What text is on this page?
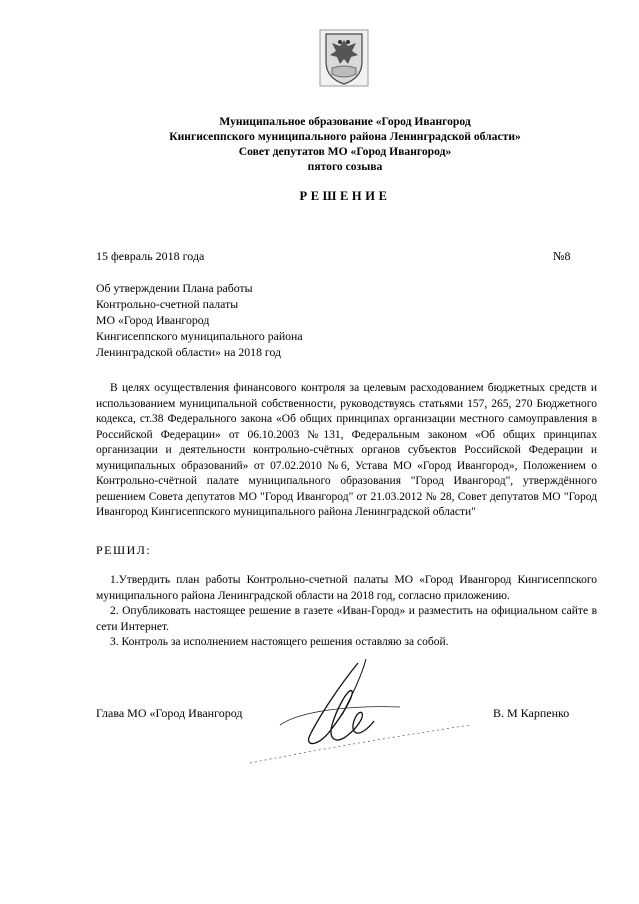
Муниципальное образование «Город Ивангород
Кингисеппского муниципального района Ленинградской области»
Совет депутатов МО «Город Ивангород»
пятого созыва
РЕШЕНИЕ
15 февраль 2018 года	№8
Об утверждении Плана работы
Контрольно-счетной палаты
МО «Город Ивангород
Кингисеппского муниципального района
Ленинградской области» на 2018 год
В целях осуществления финансового контроля за целевым расходованием бюджетных средств и использованием муниципальной собственности, руководствуясь статьями 157, 265, 270 Бюджетного кодекса, ст.38 Федерального закона «Об общих принципах организации местного самоуправления в Российской Федерации» от 06.10.2003 №131, Федеральным законом «Об общих принципах организации и деятельности контрольно-счётных органов субъектов Российской Федерации и муниципальных образований» от 07.02.2010 №6, Устава МО «Город Ивангород», Положением о Контрольно-счётной палате муниципального образования "Город Ивангород", утверждённого решением Совета депутатов МО "Город Ивангород" от 21.03.2012 № 28, Совет депутатов МО "Город Ивангород Кингисеппского муниципального района Ленинградской области"
РЕШИЛ:

1.Утвердить план работы Контрольно-счетной палаты МО «Город Ивангород Кингисеппского муниципального района Ленинградской области на 2018 год, согласно приложению.

2. Опубликовать настоящее решение в газете «Иван-Город» и разместить на официальном сайте в сети Интернет.

3. Контроль за исполнением настоящего решения оставляю за собой.

Глава МО «Город Ивангород	В. М Карпенко
